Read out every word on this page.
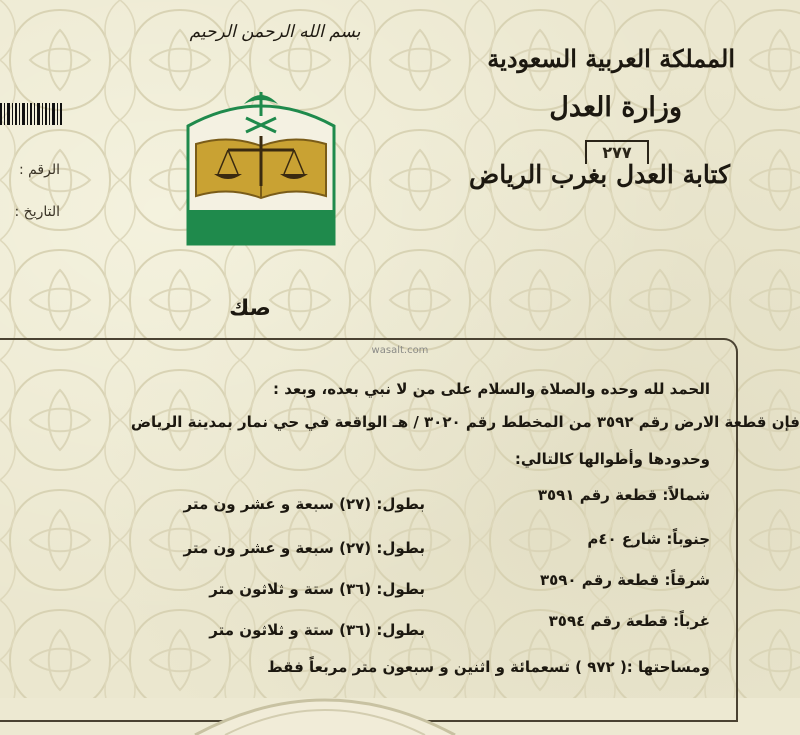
بسم الله الرحمن الرحيم
المملكة العربية السعودية
وزارة العدل
٢٧٧
كتابة العدل بغرب الرياض
الرقم :
التاريخ :
صك
wasalt.com
الحمد لله وحده والصلاة والسلام على من لا نبي بعده، وبعد :
فإن قطعة الارض رقم ٣٥٩٢ من المخطط رقم ٣٠٢٠ / هـ الواقعة في حي نمار بمدينة الرياض
وحدودها وأطوالها كالتالي:
شمالاً: قطعة رقم ٣٥٩١
بطول: (٢٧) سبعة و عشر ون متر
جنوباً: شارع ٤٠م
بطول: (٢٧) سبعة و عشر ون متر
شرقاً: قطعة رقم ٣٥٩٠
بطول: (٣٦) ستة و ثلاثون متر
غرباً: قطعة رقم ٣٥٩٤
بطول: (٣٦) ستة و ثلاثون متر
ومساحتها :( ٩٧٢ ) تسعمائة و اثنين و سبعون متر مربعاً فقط
